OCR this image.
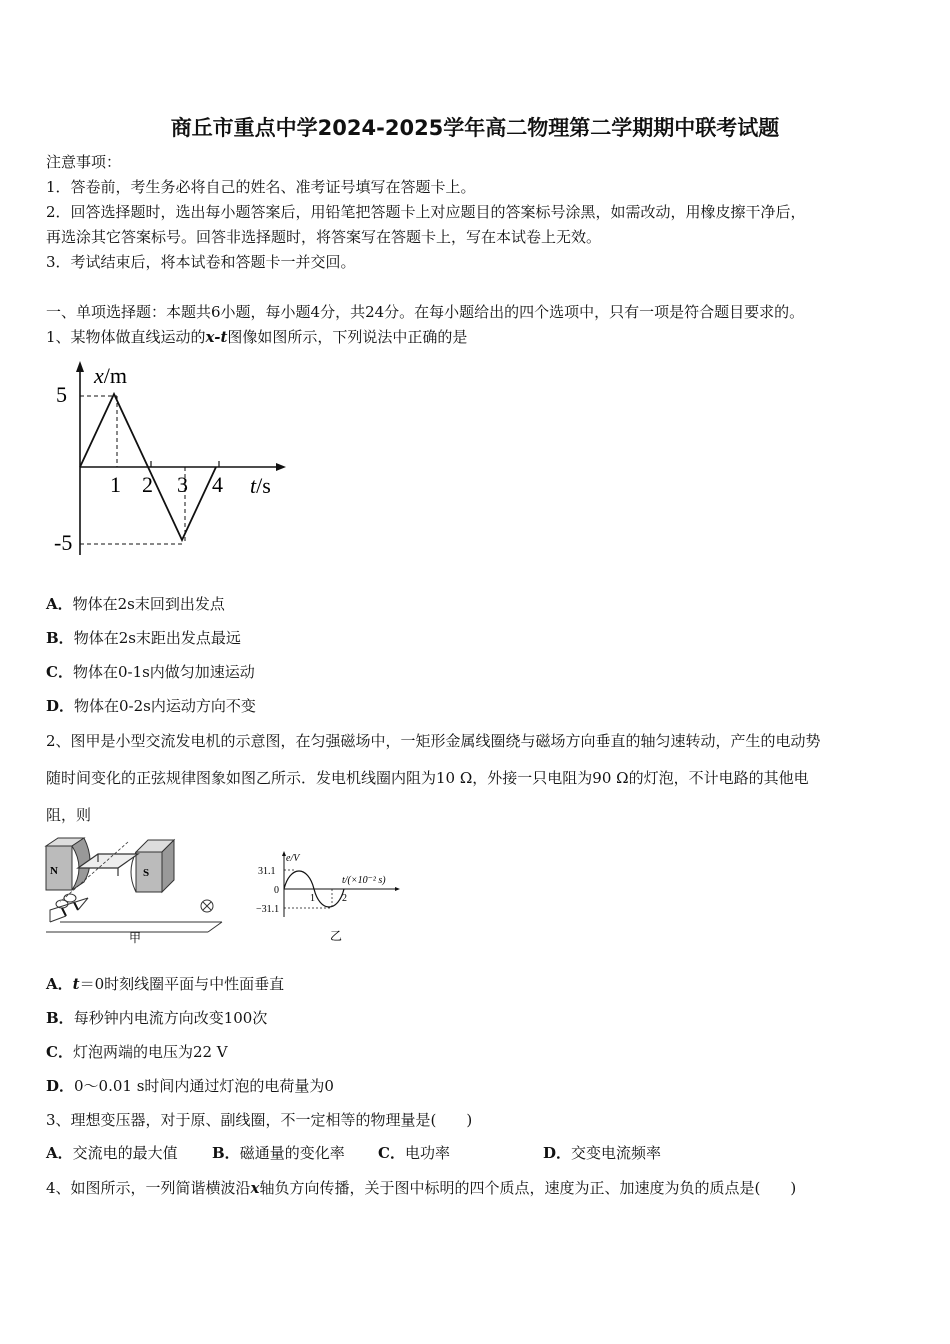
商丘市重点中学2024-2025学年高二物理第二学期期中联考试题
注意事项：
1．答卷前，考生务必将自己的姓名、准考证号填写在答题卡上。
2．回答选择题时，选出每小题答案后，用铅笔把答题卡上对应题目的答案标号涂黑，如需改动，用橡皮擦干净后，
再选涂其它答案标号。回答非选择题时，将答案写在答题卡上，写在本试卷上无效。
3．考试结束后，将本试卷和答题卡一并交回。
一、单项选择题：本题共6小题，每小题4分，共24分。在每小题给出的四个选项中，只有一项是符合题目要求的。
1、某物体做直线运动的x-t图像如图所示，下列说法中正确的是
5
-5
1 2 3 4
x/m
t/s
A．物体在2s末回到出发点
B．物体在2s末距出发点最远
C．物体在0-1s内做匀加速运动
D．物体在0-2s内运动方向不变
2、图甲是小型交流发电机的示意图，在匀强磁场中，一矩形金属线圈绕与磁场方向垂直的轴匀速转动，产生的电动势
随时间变化的正弦规律图象如图乙所示．发电机线圈内阻为10 Ω，外接一只电阻为90 Ω的灯泡，不计电路的其他电
阻，则
N	S
甲
31.1
0
−31.1
1	2
e/V
t/(×10⁻² s)
乙
A．t＝0时刻线圈平面与中性面垂直
B．每秒钟内电流方向改变100次
C．灯泡两端的电压为22 V
D．0～0.01 s时间内通过灯泡的电荷量为0
3、理想变压器，对于原、副线圈，不一定相等的物理量是(　　)
A．交流电的最大值 B．磁通量的变化率 C．电功率	D．交变电流频率
4、如图所示，一列简谐横波沿x轴负方向传播，关于图中标明的四个质点，速度为正、加速度为负的质点是(　　)
